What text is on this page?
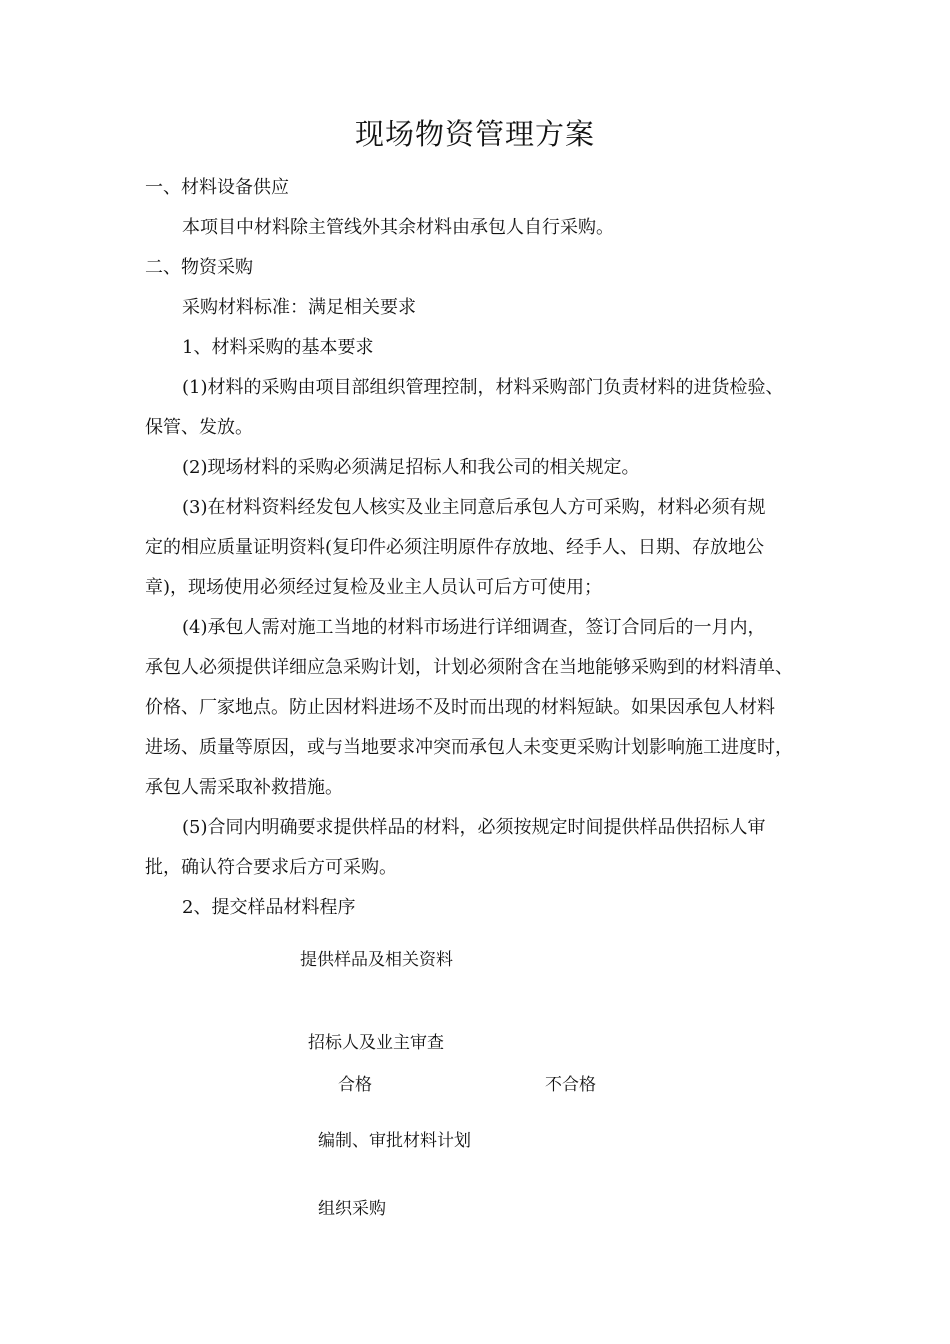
现场物资管理方案
一、材料设备供应
本项目中材料除主管线外其余材料由承包人自行采购。
二、物资采购
采购材料标准：满足相关要求
1、材料采购的基本要求
(1)材料的采购由项目部组织管理控制，材料采购部门负责材料的进货检验、
保管、发放。
(2)现场材料的采购必须满足招标人和我公司的相关规定。
(3)在材料资料经发包人核实及业主同意后承包人方可采购，材料必须有规
定的相应质量证明资料(复印件必须注明原件存放地、经手人、日期、存放地公
章)，现场使用必须经过复检及业主人员认可后方可使用；
(4)承包人需对施工当地的材料市场进行详细调查，签订合同后的一月内，
承包人必须提供详细应急采购计划，计划必须附含在当地能够采购到的材料清单、
价格、厂家地点。防止因材料进场不及时而出现的材料短缺。如果因承包人材料
进场、质量等原因，或与当地要求冲突而承包人未变更采购计划影响施工进度时，
承包人需采取补救措施。
(5)合同内明确要求提供样品的材料，必须按规定时间提供样品供招标人审
批，确认符合要求后方可采购。
2、提交样品材料程序
提供样品及相关资料
招标人及业主审查
合格	不合格
编制、审批材料计划
组织采购
